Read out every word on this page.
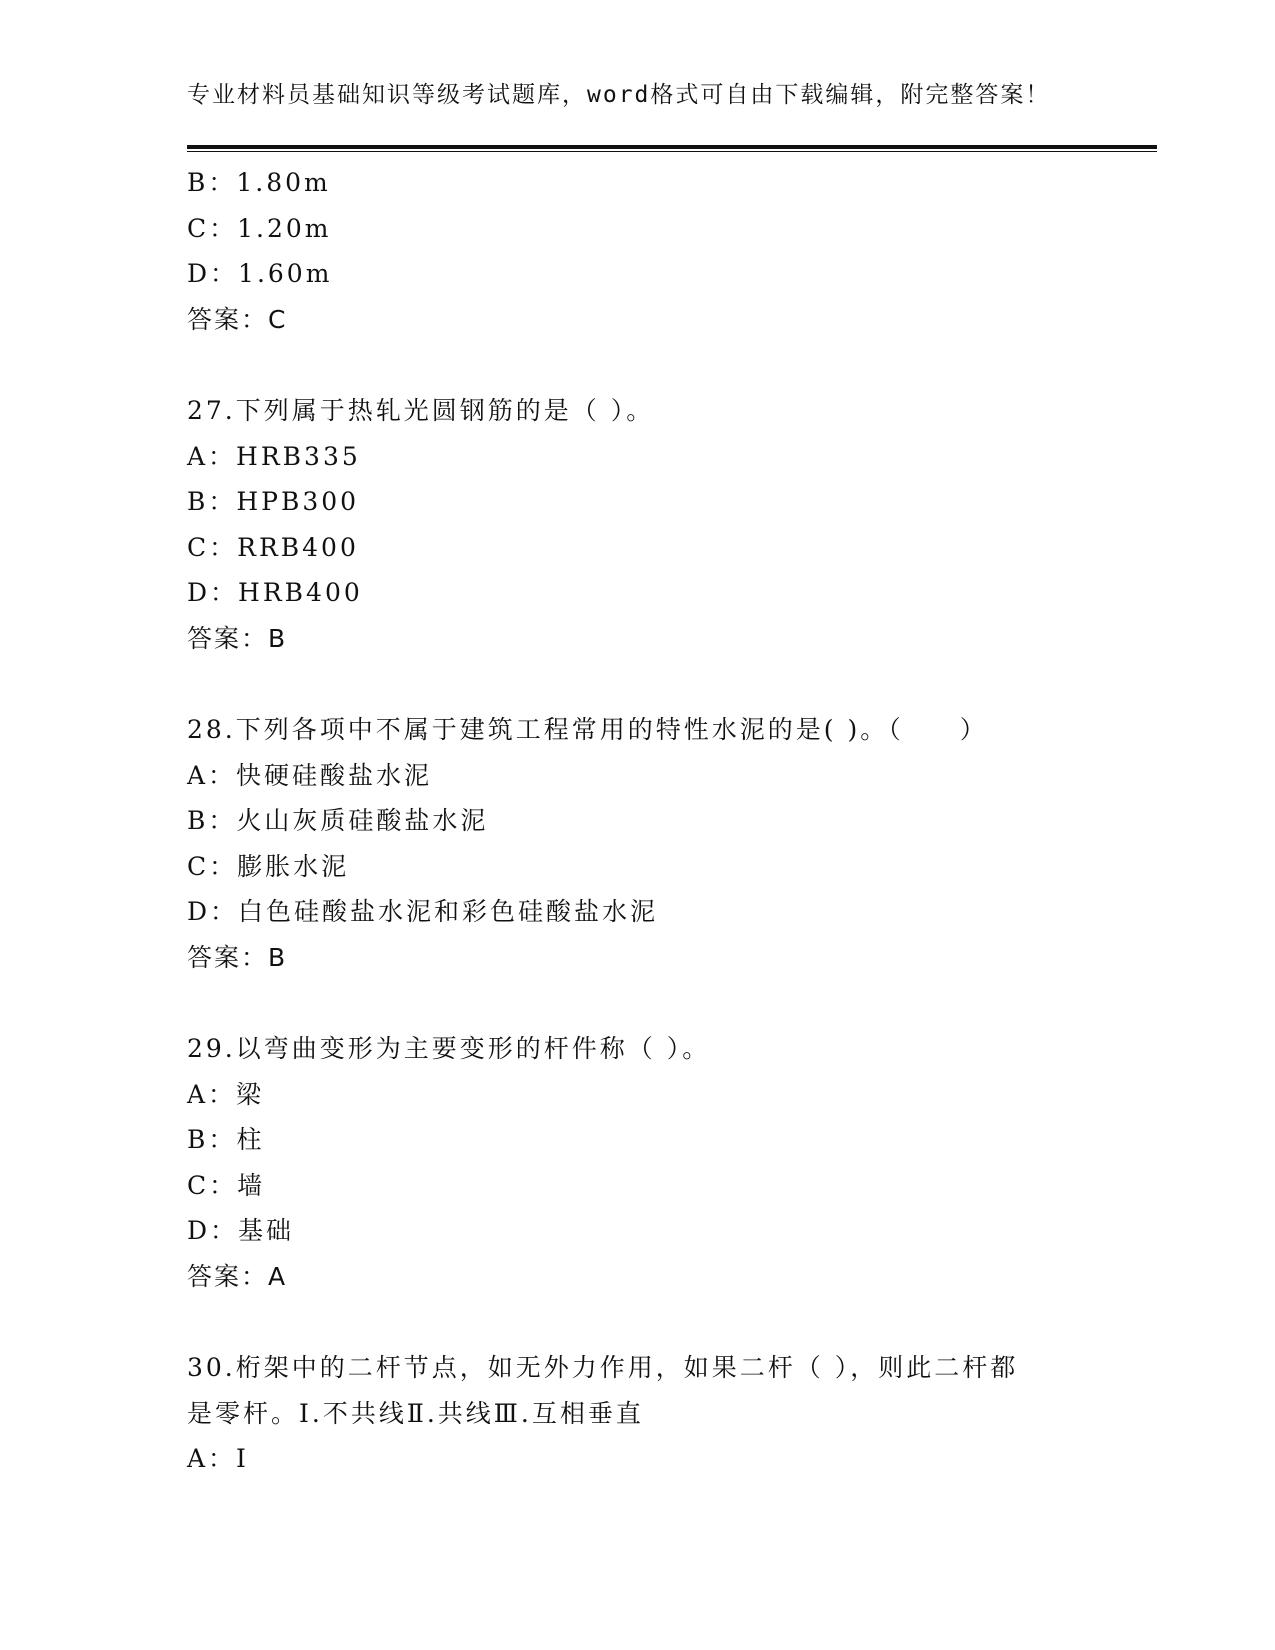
专业材料员基础知识等级考试题库，word格式可自由下载编辑，附完整答案！
B：1.80m
C：1.20m
D：1.60m
答案：C
27.下列属于热轧光圆钢筋的是（ ）。
A：HRB335
B：HPB300
C：RRB400
D：HRB400
答案：B
28.下列各项中不属于建筑工程常用的特性水泥的是( )。（　　）
A：快硬硅酸盐水泥
B：火山灰质硅酸盐水泥
C：膨胀水泥
D：白色硅酸盐水泥和彩色硅酸盐水泥
答案：B
29.以弯曲变形为主要变形的杆件称（ ）。
A：梁
B：柱
C：墙
D：基础
答案：A
30.桁架中的二杆节点，如无外力作用，如果二杆（ ），则此二杆都
是零杆。I.不共线Ⅱ.共线Ⅲ.互相垂直
A：I
